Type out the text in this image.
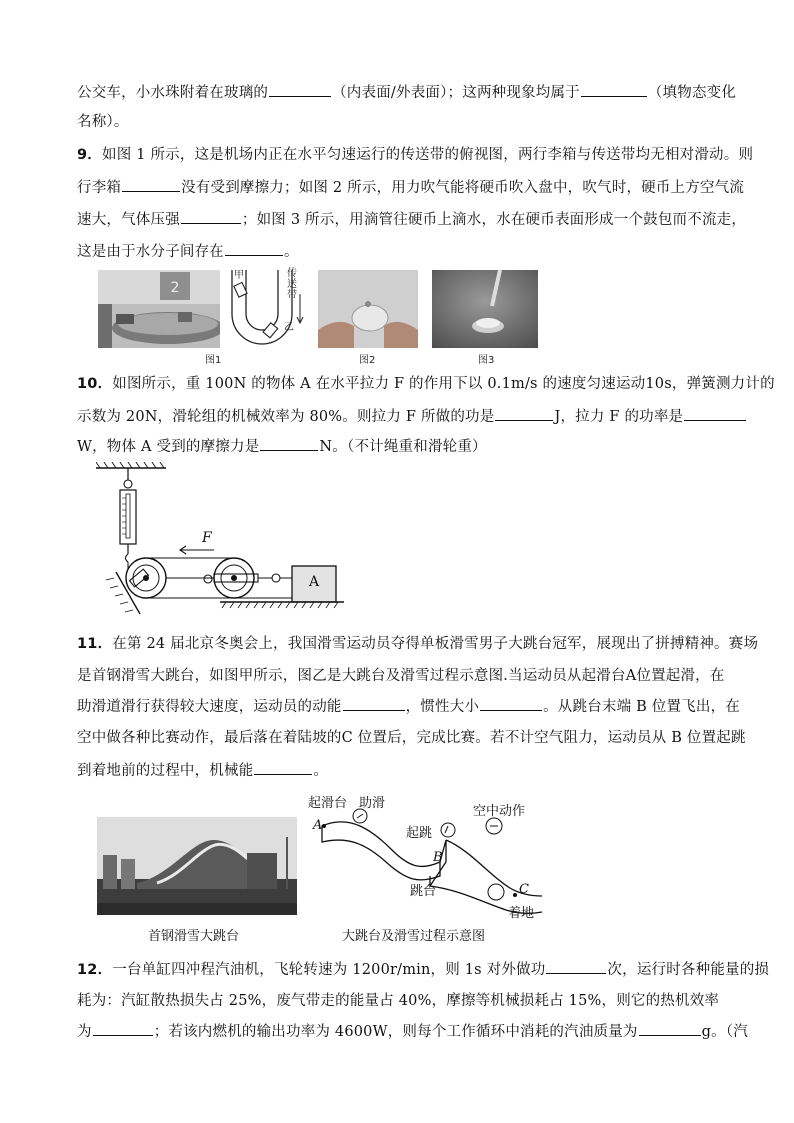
公交车，小水珠附着在玻璃的	（内表面/外表面）；这两种现象均属于	（填物态变化
名称）。
9．如图 1 所示，这是机场内正在水平匀速运行的传送带的俯视图，两行李箱与传送带均无相对滑动。则
行李箱	没有受到摩擦力；如图 2 所示，用力吹气能将硬币吹入盘中，吹气时，硬币上方空气流
速大，气体压强	；如图 3 所示，用滴管往硬币上滴水，水在硬币表面形成一个鼓包而不流走，
这是由于水分子间存在	。
2
图1
甲
乙
传送带
图2	图3
10．如图所示，重 100N 的物体 A 在水平拉力 F 的作用下以 0.1m/s 的速度匀速运动10s，弹簧测力计的
示数为 20N，滑轮组的机械效率为 80%。则拉力 F 所做的功是	J，拉力 F 的功率是
W，物体 A 受到的摩擦力是	N。（不计绳重和滑轮重）
F
A
11．在第 24 届北京冬奥会上，我国滑雪运动员夺得单板滑雪男子大跳台冠军，展现出了拼搏精神。赛场
是首钢滑雪大跳台，如图甲所示，图乙是大跳台及滑雪过程示意图.当运动员从起滑台A位置起滑，在
助滑道滑行获得较大速度，运动员的动能	，惯性大小	。从跳台末端 B 位置飞出，在
空中做各种比赛动作，最后落在着陆坡的C 位置后，完成比赛。若不计空气阻力，运动员从 B 位置起跳
到着地前的过程中，机械能	。
首钢滑雪大跳台
起滑台 助滑
空中动作
起跳
跳台
着地
A
B
C
大跳台及滑雪过程示意图
12．一台单缸四冲程汽油机，飞轮转速为 1200r/min，则 1s 对外做功	次，运行时各种能量的损
耗为：汽缸散热损失占 25%，废气带走的能量占 40%，摩擦等机械损耗占 15%，则它的热机效率
为	；若该内燃机的输出功率为 4600W，则每个工作循环中消耗的汽油质量为	g。（汽
